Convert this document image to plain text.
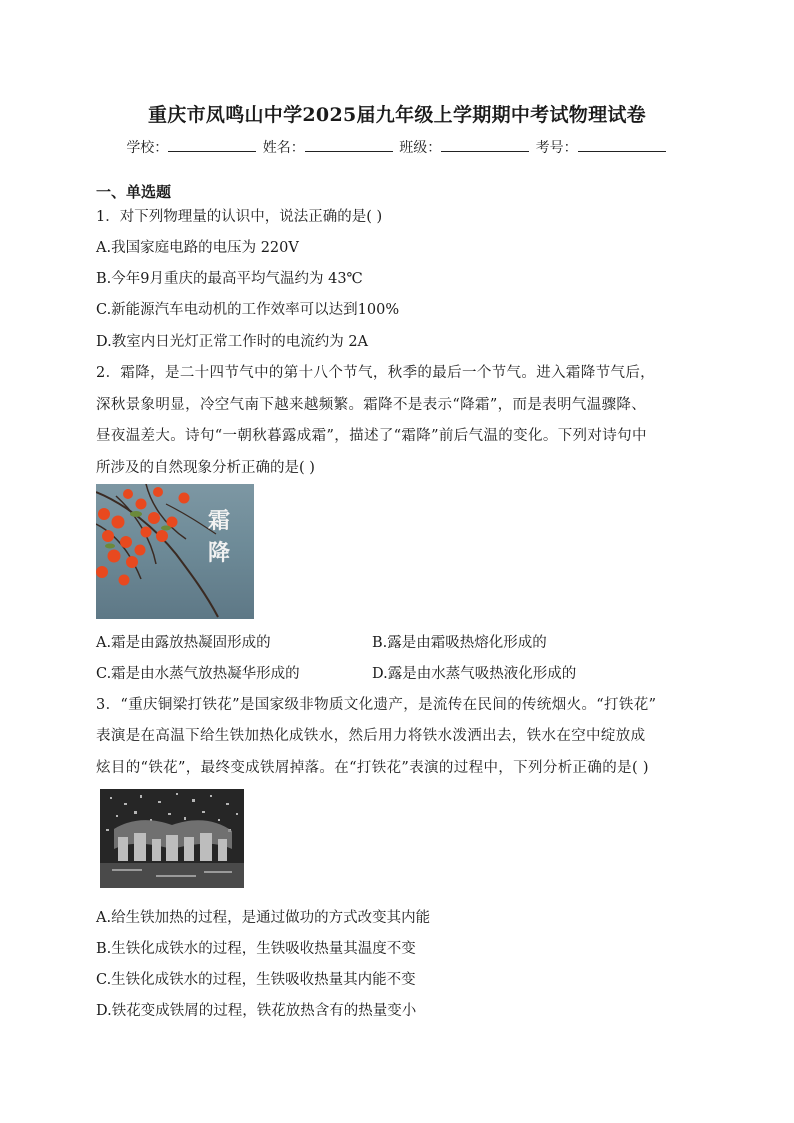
重庆市凤鸣山中学2025届九年级上学期期中考试物理试卷
学校：	姓名：	班级：	考号：
一、单选题
1．对下列物理量的认识中，说法正确的是( )
A.我国家庭电路的电压为 220V
B.今年9月重庆的最高平均气温约为 43℃
C.新能源汽车电动机的工作效率可以达到100%
D.教室内日光灯正常工作时的电流约为 2A
2．霜降，是二十四节气中的第十八个节气，秋季的最后一个节气。进入霜降节气后，
深秋景象明显，冷空气南下越来越频繁。霜降不是表示“降霜”，而是表明气温骤降、
昼夜温差大。诗句“一朝秋暮露成霜”，描述了“霜降”前后气温的变化。下列对诗句中
所涉及的自然现象分析正确的是( )
霜
降
A.霜是由露放热凝固形成的	B.露是由霜吸热熔化形成的
C.霜是由水蒸气放热凝华形成的	D.露是由水蒸气吸热液化形成的
3．“重庆铜梁打铁花”是国家级非物质文化遗产，是流传在民间的传统烟火。“打铁花”
表演是在高温下给生铁加热化成铁水，然后用力将铁水泼洒出去，铁水在空中绽放成
炫目的“铁花”，最终变成铁屑掉落。在“打铁花”表演的过程中，下列分析正确的是( )
A.给生铁加热的过程，是通过做功的方式改变其内能
B.生铁化成铁水的过程，生铁吸收热量其温度不变
C.生铁化成铁水的过程，生铁吸收热量其内能不变
D.铁花变成铁屑的过程，铁花放热含有的热量变小
